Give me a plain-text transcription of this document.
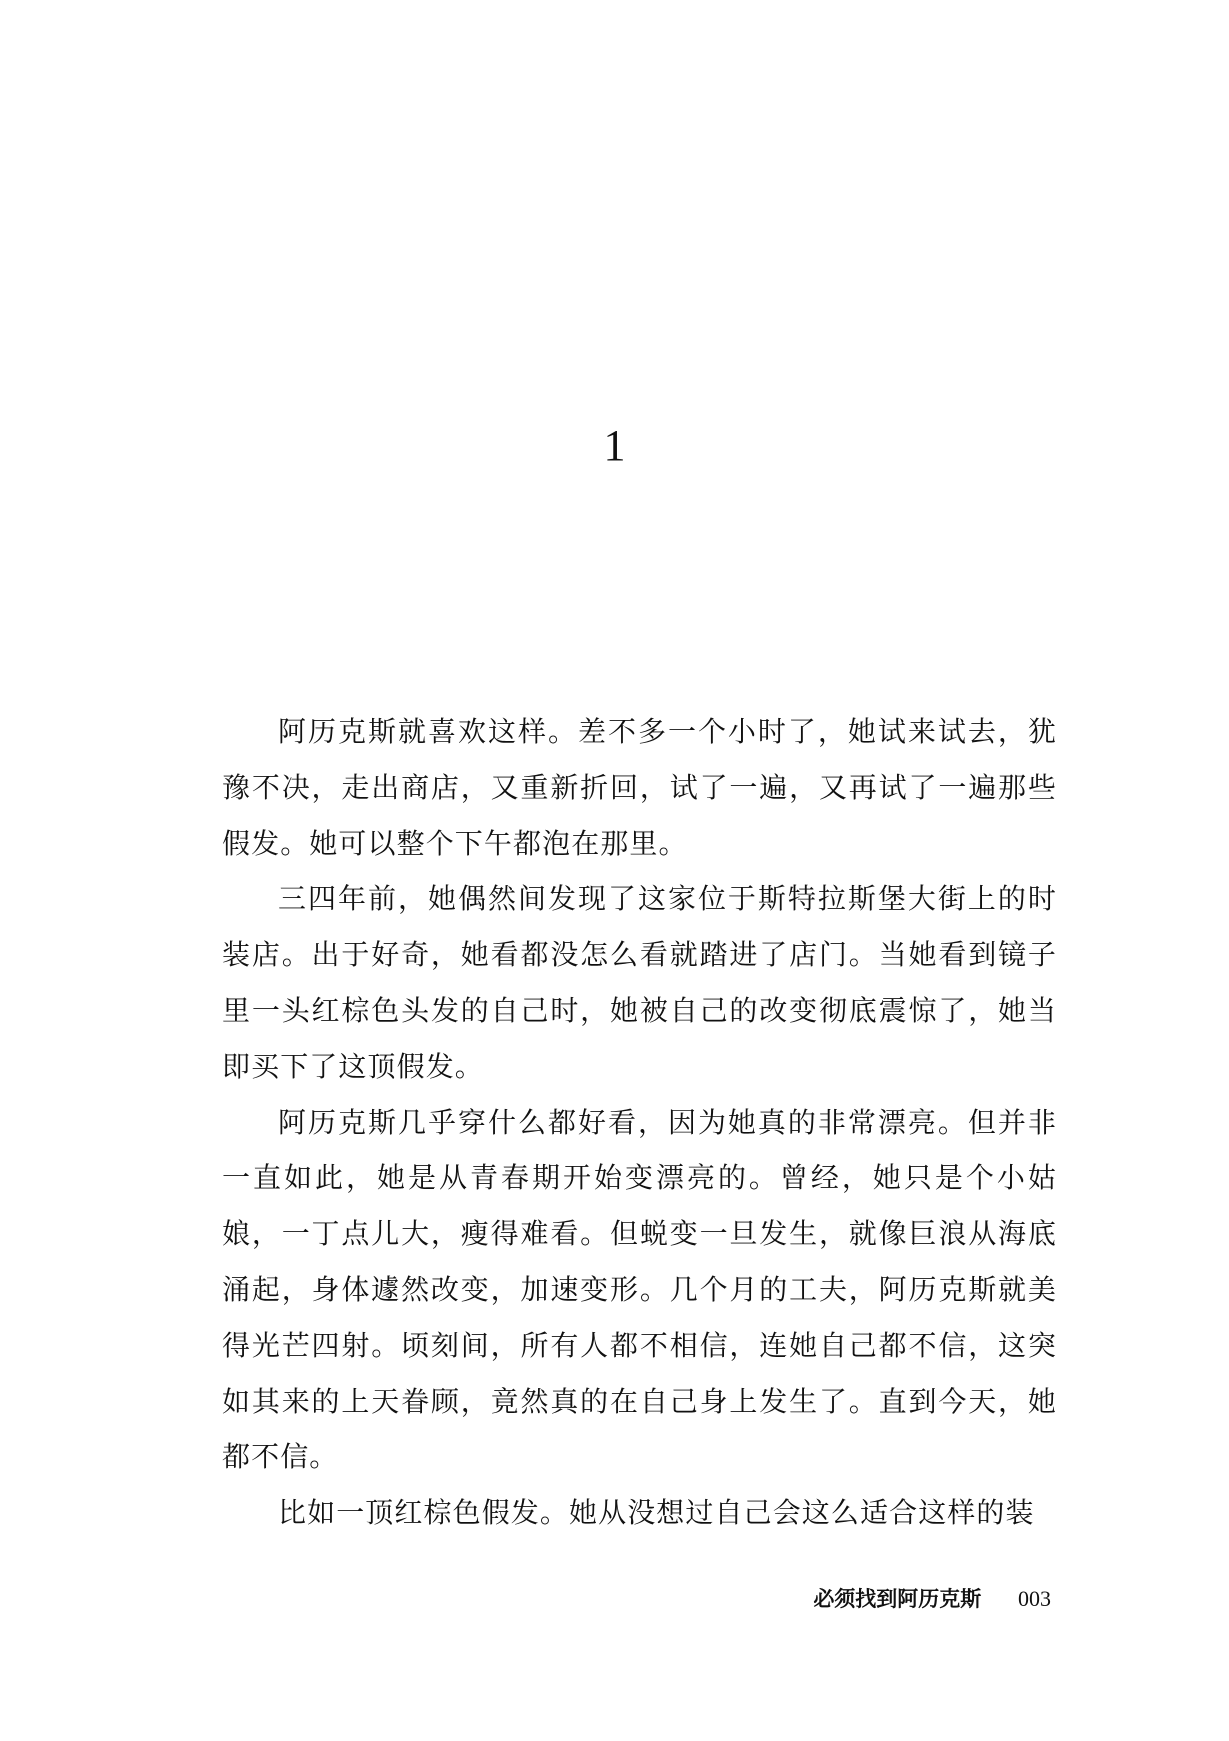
1

阿历克斯就喜欢这样。差不多一个小时了，她试来试去，犹豫不决，走出商店，又重新折回，试了一遍，又再试了一遍那些假发。她可以整个下午都泡在那里。

三四年前，她偶然间发现了这家位于斯特拉斯堡大街上的时装店。出于好奇，她看都没怎么看就踏进了店门。当她看到镜子里一头红棕色头发的自己时，她被自己的改变彻底震惊了，她当即买下了这顶假发。

阿历克斯几乎穿什么都好看，因为她真的非常漂亮。但并非一直如此，她是从青春期开始变漂亮的。曾经，她只是个小姑娘，一丁点儿大，瘦得难看。但蜕变一旦发生，就像巨浪从海底涌起，身体遽然改变，加速变形。几个月的工夫，阿历克斯就美得光芒四射。顷刻间，所有人都不相信，连她自己都不信，这突如其来的上天眷顾，竟然真的在自己身上发生了。直到今天，她都不信。

比如一顶红棕色假发。她从没想过自己会这么适合这样的装

必须找到阿历克斯 003
